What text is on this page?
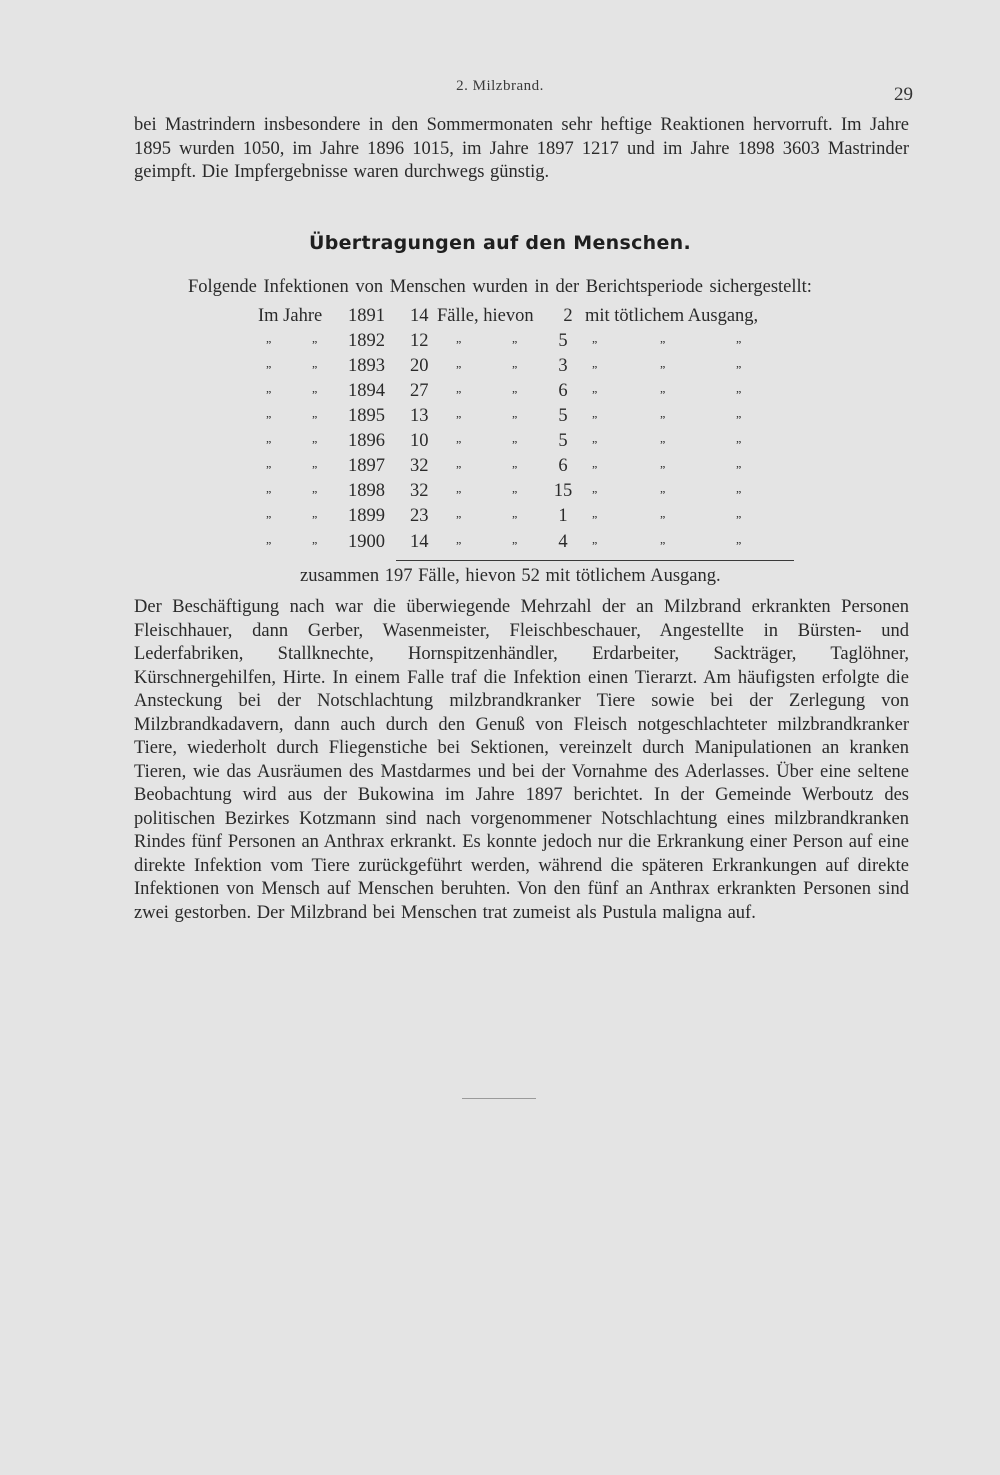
2. Milzbrand.	29
bei Mastrindern insbesondere in den Sommermonaten sehr heftige Reaktionen hervorruft. Im Jahre 1895 wurden 1050, im Jahre 1896 1015, im Jahre 1897 1217 und im Jahre 1898 3603 Mastrinder geimpft. Die Impfergebnisse waren durchwegs günstig.
Übertragungen auf den Menschen.
Folgende Infektionen von Menschen wurden in der Berichtsperiode sichergestellt:
Im Jahre	1891 14 Fälle, hievon 2 mit tötlichem Ausgang,
„	„ 1892 12	„	„ 5	„	„	„
„	„ 1893 20	„	„ 3	„	„	„
„	„ 1894 27	„	„ 6	„	„	„
„	„ 1895 13	„	„ 5	„	„	„
„	„ 1896 10	„	„ 5	„	„	„
„	„ 1897 32	„	„ 6	„	„	„
„	„ 1898 32	„	„ 15 „	„	„
„	„ 1899 23	„	„ 1	„	„	„
„	„ 1900 14	„	„ 4	„	„	„
zusammen 197 Fälle, hievon 52 mit tötlichem Ausgang.
Der Beschäftigung nach war die überwiegende Mehrzahl der an Milzbrand erkrankten Personen Fleischhauer, dann Gerber, Wasenmeister, Fleischbeschauer, Angestellte in Bürsten- und Lederfabriken, Stallknechte, Hornspitzenhändler, Erdarbeiter, Sackträger, Taglöhner, Kürschnergehilfen, Hirte. In einem Falle traf die Infektion einen Tierarzt. Am häufigsten erfolgte die Ansteckung bei der Notschlachtung milzbrandkranker Tiere sowie bei der Zerlegung von Milzbrandkadavern, dann auch durch den Genuß von Fleisch notgeschlachteter milzbrandkranker Tiere, wiederholt durch Fliegenstiche bei Sektionen, vereinzelt durch Manipulationen an kranken Tieren, wie das Ausräumen des Mastdarmes und bei der Vornahme des Aderlasses. Über eine seltene Beobachtung wird aus der Bukowina im Jahre 1897 berichtet. In der Gemeinde Werboutz des politischen Bezirkes Kotzmann sind nach vorgenommener Notschlachtung eines milzbrandkranken Rindes fünf Personen an Anthrax erkrankt. Es konnte jedoch nur die Erkrankung einer Person auf eine direkte Infektion vom Tiere zurückgeführt werden, während die späteren Erkrankungen auf direkte Infektionen von Mensch auf Menschen beruhten. Von den fünf an Anthrax erkrankten Personen sind zwei gestorben. Der Milzbrand bei Menschen trat zumeist als Pustula maligna auf.
